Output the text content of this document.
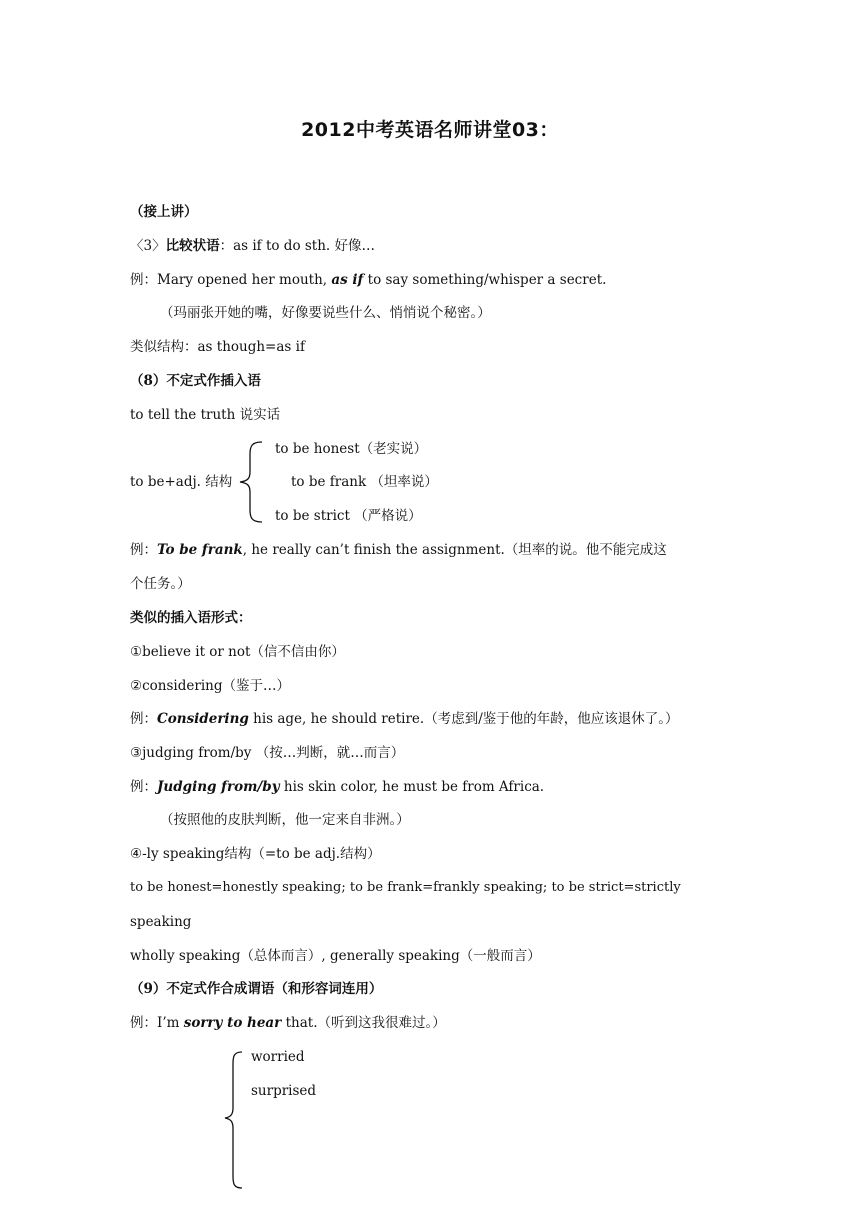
2012中考英语名师讲堂03：
（接上讲）
〈3〉比较状语：as if to do sth. 好像…
例：Mary opened her mouth, as if to say something/whisper a secret.
（玛丽张开她的嘴，好像要说些什么、悄悄说个秘密。）
类似结构：as though=as if
（8）不定式作插入语
to tell the truth 说实话
to be honest（老实说）
to be+adj. 结构	to be frank （坦率说）
to be strict （严格说）
例：To be frank, he really can’t finish the assignment.（坦率的说。他不能完成这
个任务。）
类似的插入语形式：
①believe it or not（信不信由你）
②considering（鉴于…）
例：Considering his age, he should retire.（考虑到/鉴于他的年龄，他应该退休了。）
③judging from/by （按…判断，就…而言）
例：Judging from/by his skin color, he must be from Africa.
（按照他的皮肤判断，他一定来自非洲。）
④-ly speaking结构（=to be adj.结构）
to be honest=honestly speaking; to be frank=frankly speaking; to be strict=strictly
speaking
wholly speaking（总体而言）, generally speaking（一般而言）
（9）不定式作合成谓语（和形容词连用）
例：I’m sorry to hear that.（听到这我很难过。）
worried
surprised
